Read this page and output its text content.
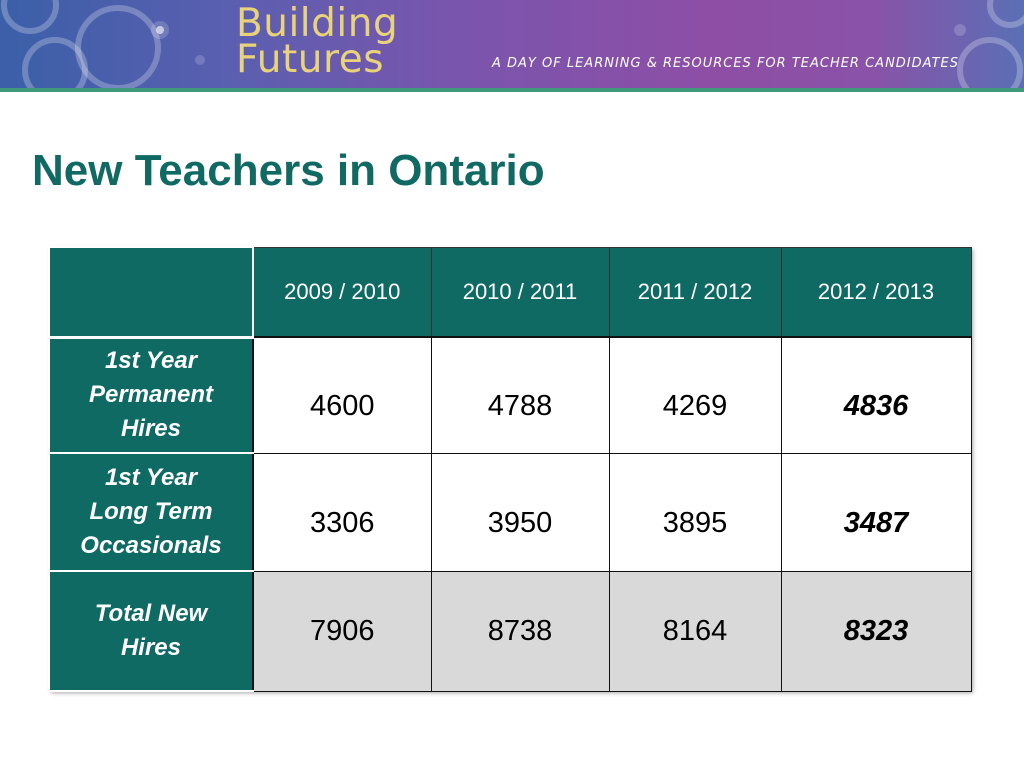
Building
Futures	A DAY OF LEARNING & RESOURCES FOR TEACHER CANDIDATES
New Teachers in Ontario
	2009 / 2010	2010 / 2011	2011 / 2012	2012 / 2013

1st Year
Permanent
Hires	4600	4788	4269	4836

1st Year
Long Term
Occasionals	3306	3950	3895	3487

Total New
Hires	7906	8738	8164	8323
